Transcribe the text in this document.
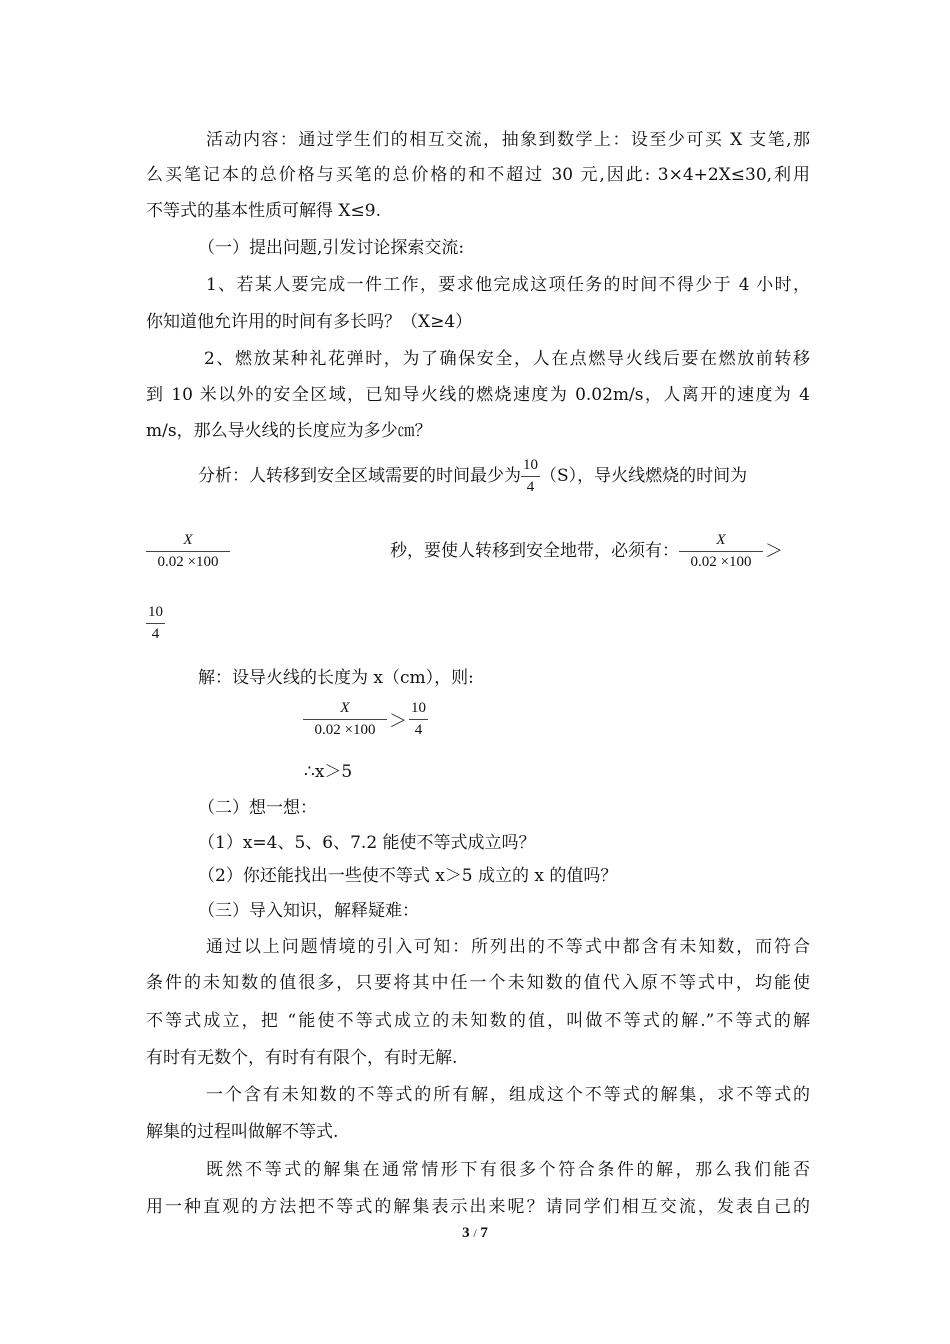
活动内容：通过学生们的相互交流，抽象到数学上：设至少可买 X 支笔,那
么买笔记本的总价格与买笔的总价格的和不超过 30 元,因此: 3×4+2X≤30,利用
不等式的基本性质可解得 X≤9.
（一）提出问题,引发讨论探索交流:
1、若某人要完成一件工作，要求他完成这项任务的时间不得少于 4 小时，
你知道他允许用的时间有多长吗？（X≥4）
2、燃放某种礼花弹时，为了确保安全，人在点燃导火线后要在燃放前转移
到 10 米以外的安全区域，已知导火线的燃烧速度为 0.02m/s，人离开的速度为 4
m/s，那么导火线的长度应为多少㎝？
分析：人转移到安全区域需要的时间最少为 $\frac{10}{4} (S)$，导火线燃烧的时间为
$\frac{X}{0.02 \times 100}$	秒，要使人转移到安全地带，必须有： $\frac{X}{0.02 \times 100}$ ＞
$\frac{10}{4}$
解：设导火线的长度为 x（cm），则:
$\frac{X}{0.02 \times 100} > \frac{10}{4}$
∴x＞5
（二）想一想：
（1）x=4、5、6、7.2 能使不等式成立吗？
（2）你还能找出一些使不等式 x＞5 成立的 x 的值吗？
（三）导入知识，解释疑难：
通过以上问题情境的引入可知：所列出的不等式中都含有未知数，而符合
条件的未知数的值很多，只要将其中任一个未知数的值代入原不等式中，均能使
不等式成立，把 “能使不等式成立的未知数的值，叫做不等式的解.”不等式的解
有时有无数个，有时有有限个，有时无解.
一个含有未知数的不等式的所有解，组成这个不等式的解集，求不等式的
解集的过程叫做解不等式.
既然不等式的解集在通常情形下有很多个符合条件的解，那么我们能否
用一种直观的方法把不等式的解集表示出来呢？请同学们相互交流，发表自己的
3 / 7
